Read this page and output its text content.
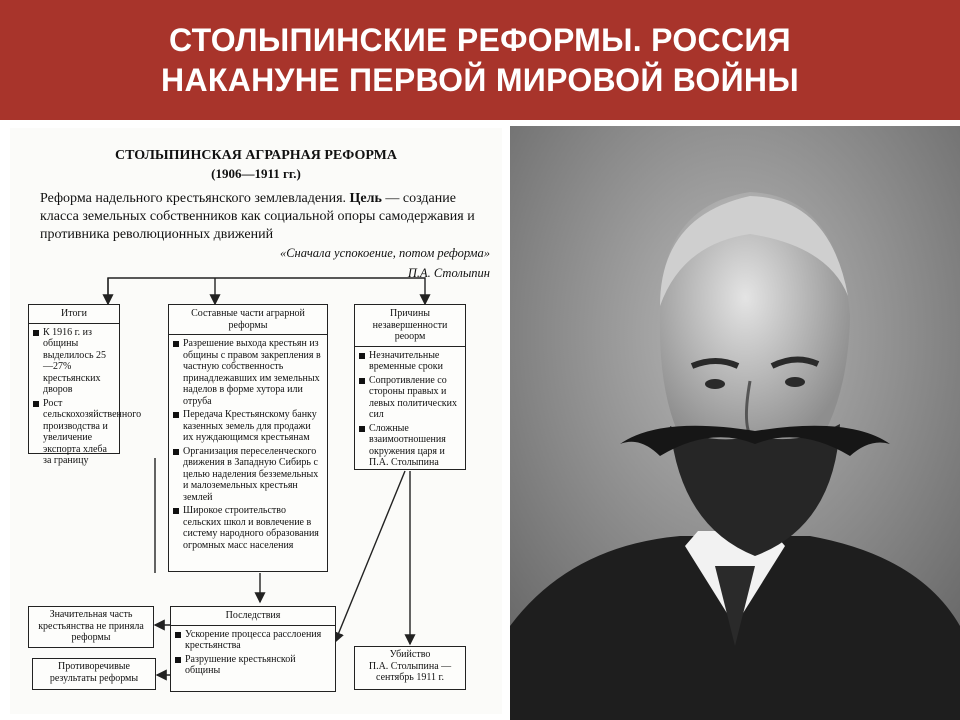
СТОЛЫПИНСКИЕ РЕФОРМЫ. РОССИЯ
НАКАНУНЕ ПЕРВОЙ МИРОВОЙ ВОЙНЫ
СТОЛЫПИНСКАЯ АГРАРНАЯ РЕФОРМА
(1906—1911 гг.)
Реформа надельного крестьянского землевладения. Цель — создание класса земельных собственников как социальной опоры самодержавия и противника революционных движений
«Сначала успокоение, потом реформа»
П.А. Столыпин
Итоги
К 1916 г. из общины выделилось 25—27% крестьянских дворов
Рост сельскохозяйственного производства и увеличение экспорта хлеба за границу
Составные части аграрной реформы
Разрешение выхода крестьян из общины с правом закрепления в частную собственность принадлежавших им земельных наделов в форме хутора или отруба
Передача Крестьянскому банку казенных земель для продажи их нуждающимся крестьянам
Организация переселенческого движения в Западную Сибирь с целью наделения безземельных и малоземельных крестьян землей
Широкое строительство сельских школ и вовлечение в систему народного образования огромных масс населения
Причины незавершенности реоорм
Незначительные временные сроки
Сопротивление со стороны правых и левых политических сил
Сложные взаимоотношения окружения царя и П.А. Столыпина
Значительная часть крестьянства не приняла реформы
Противоречивые результаты реформы
Последствия
Ускорение процесса расслоения крестьянства
Разрушение крестьянской общины
Убийство
П.А. Столыпина —
сентябрь 1911 г.
